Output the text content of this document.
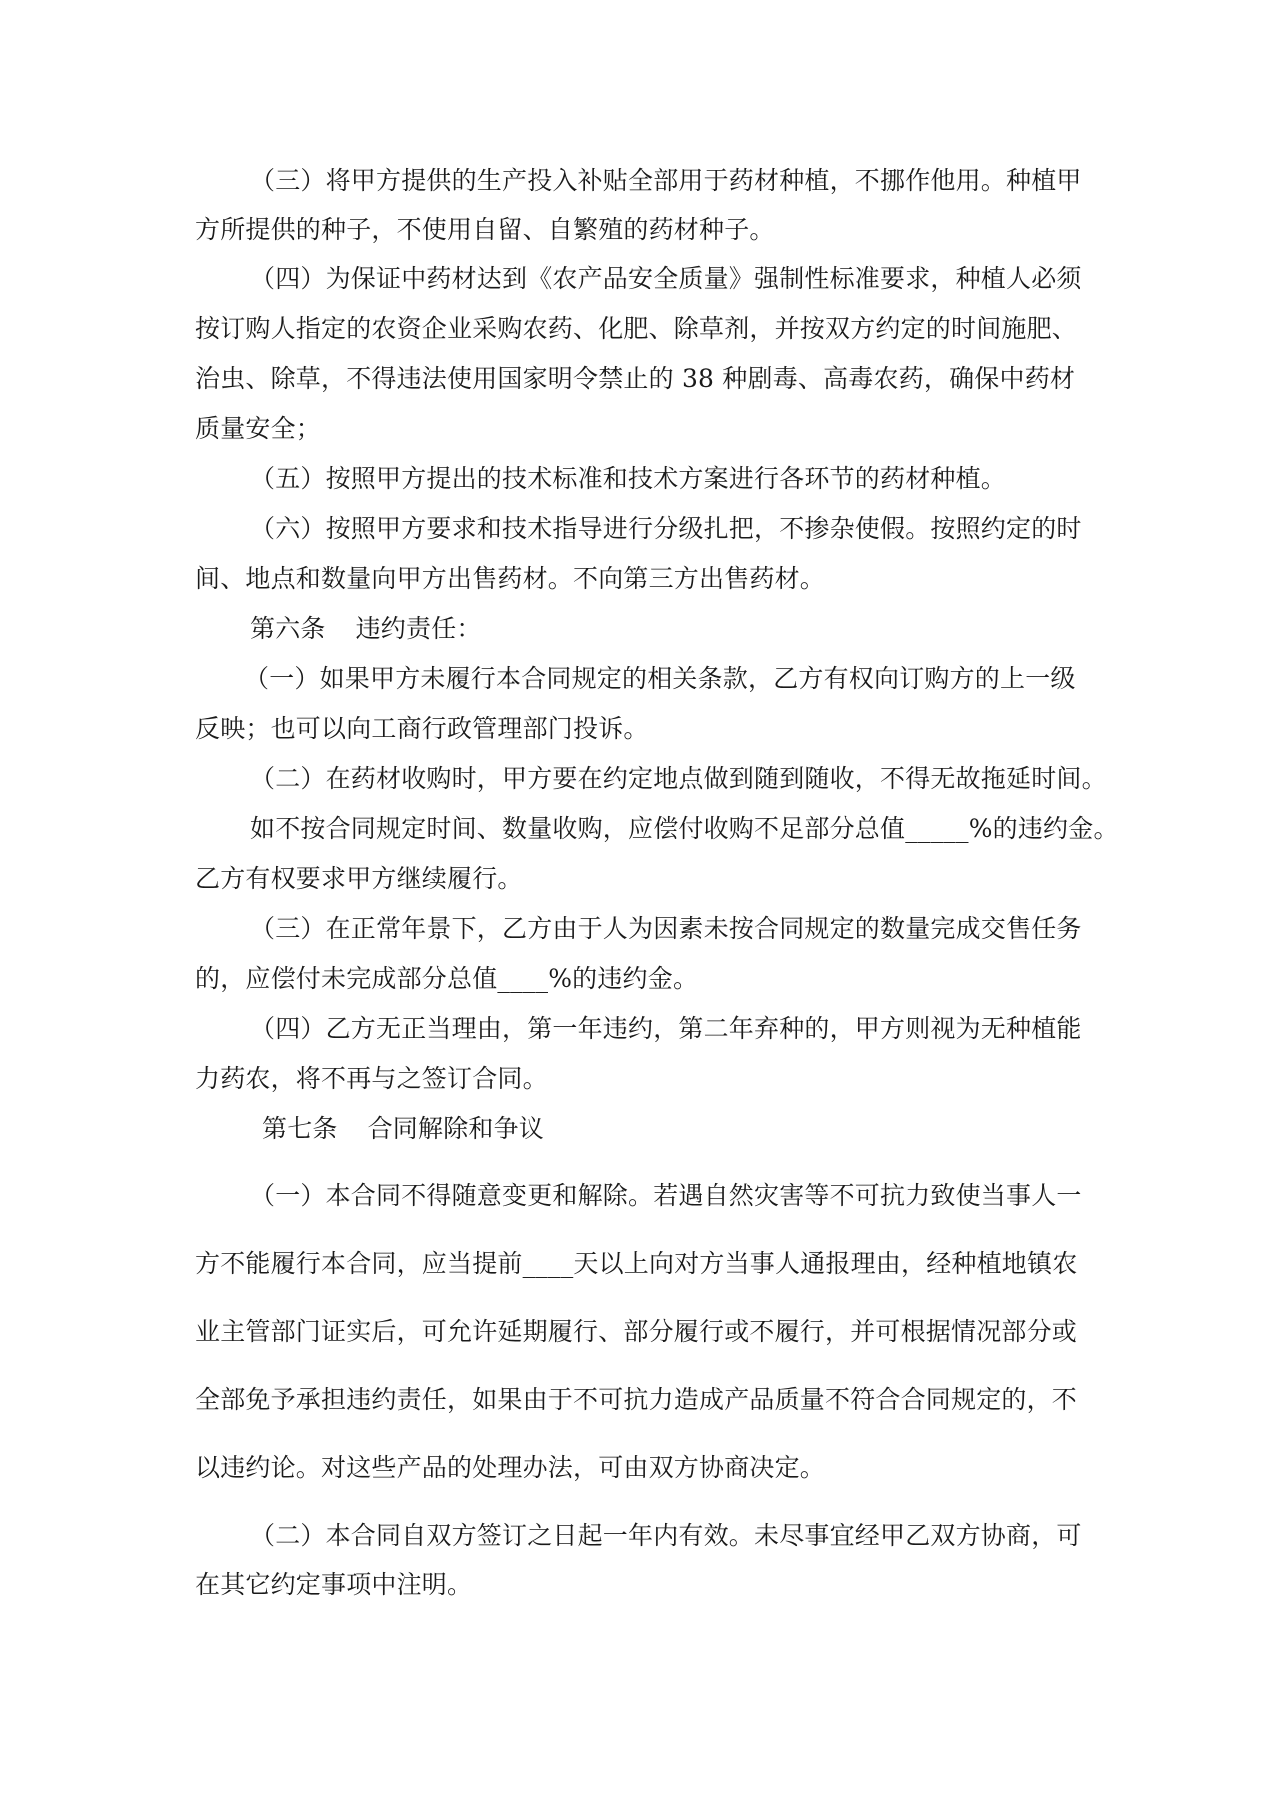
（三）将甲方提供的生产投入补贴全部用于药材种植，不挪作他用。种植甲
方所提供的种子，不使用自留、自繁殖的药材种子。
（四）为保证中药材达到《农产品安全质量》强制性标准要求，种植人必须
按订购人指定的农资企业采购农药、化肥、除草剂，并按双方约定的时间施肥、
治虫、除草，不得违法使用国家明令禁止的 38 种剧毒、高毒农药，确保中药材
质量安全；
（五）按照甲方提出的技术标准和技术方案进行各环节的药材种植。
（六）按照甲方要求和技术指导进行分级扎把，不掺杂使假。按照约定的时
间、地点和数量向甲方出售药材。不向第三方出售药材。
第六条 违约责任：
（一）如果甲方未履行本合同规定的相关条款，乙方有权向订购方的上一级
反映；也可以向工商行政管理部门投诉。
（二）在药材收购时，甲方要在约定地点做到随到随收，不得无故拖延时间。
如不按合同规定时间、数量收购，应偿付收购不足部分总值_____%的违约金。
乙方有权要求甲方继续履行。
（三）在正常年景下，乙方由于人为因素未按合同规定的数量完成交售任务
的，应偿付未完成部分总值____%的违约金。
（四）乙方无正当理由，第一年违约，第二年弃种的，甲方则视为无种植能
力药农，将不再与之签订合同。
第七条 合同解除和争议
（一）本合同不得随意变更和解除。若遇自然灾害等不可抗力致使当事人一
方不能履行本合同，应当提前____天以上向对方当事人通报理由，经种植地镇农
业主管部门证实后，可允许延期履行、部分履行或不履行，并可根据情况部分或
全部免予承担违约责任，如果由于不可抗力造成产品质量不符合合同规定的，不
以违约论。对这些产品的处理办法，可由双方协商决定。
（二）本合同自双方签订之日起一年内有效。未尽事宜经甲乙双方协商，可
在其它约定事项中注明。
